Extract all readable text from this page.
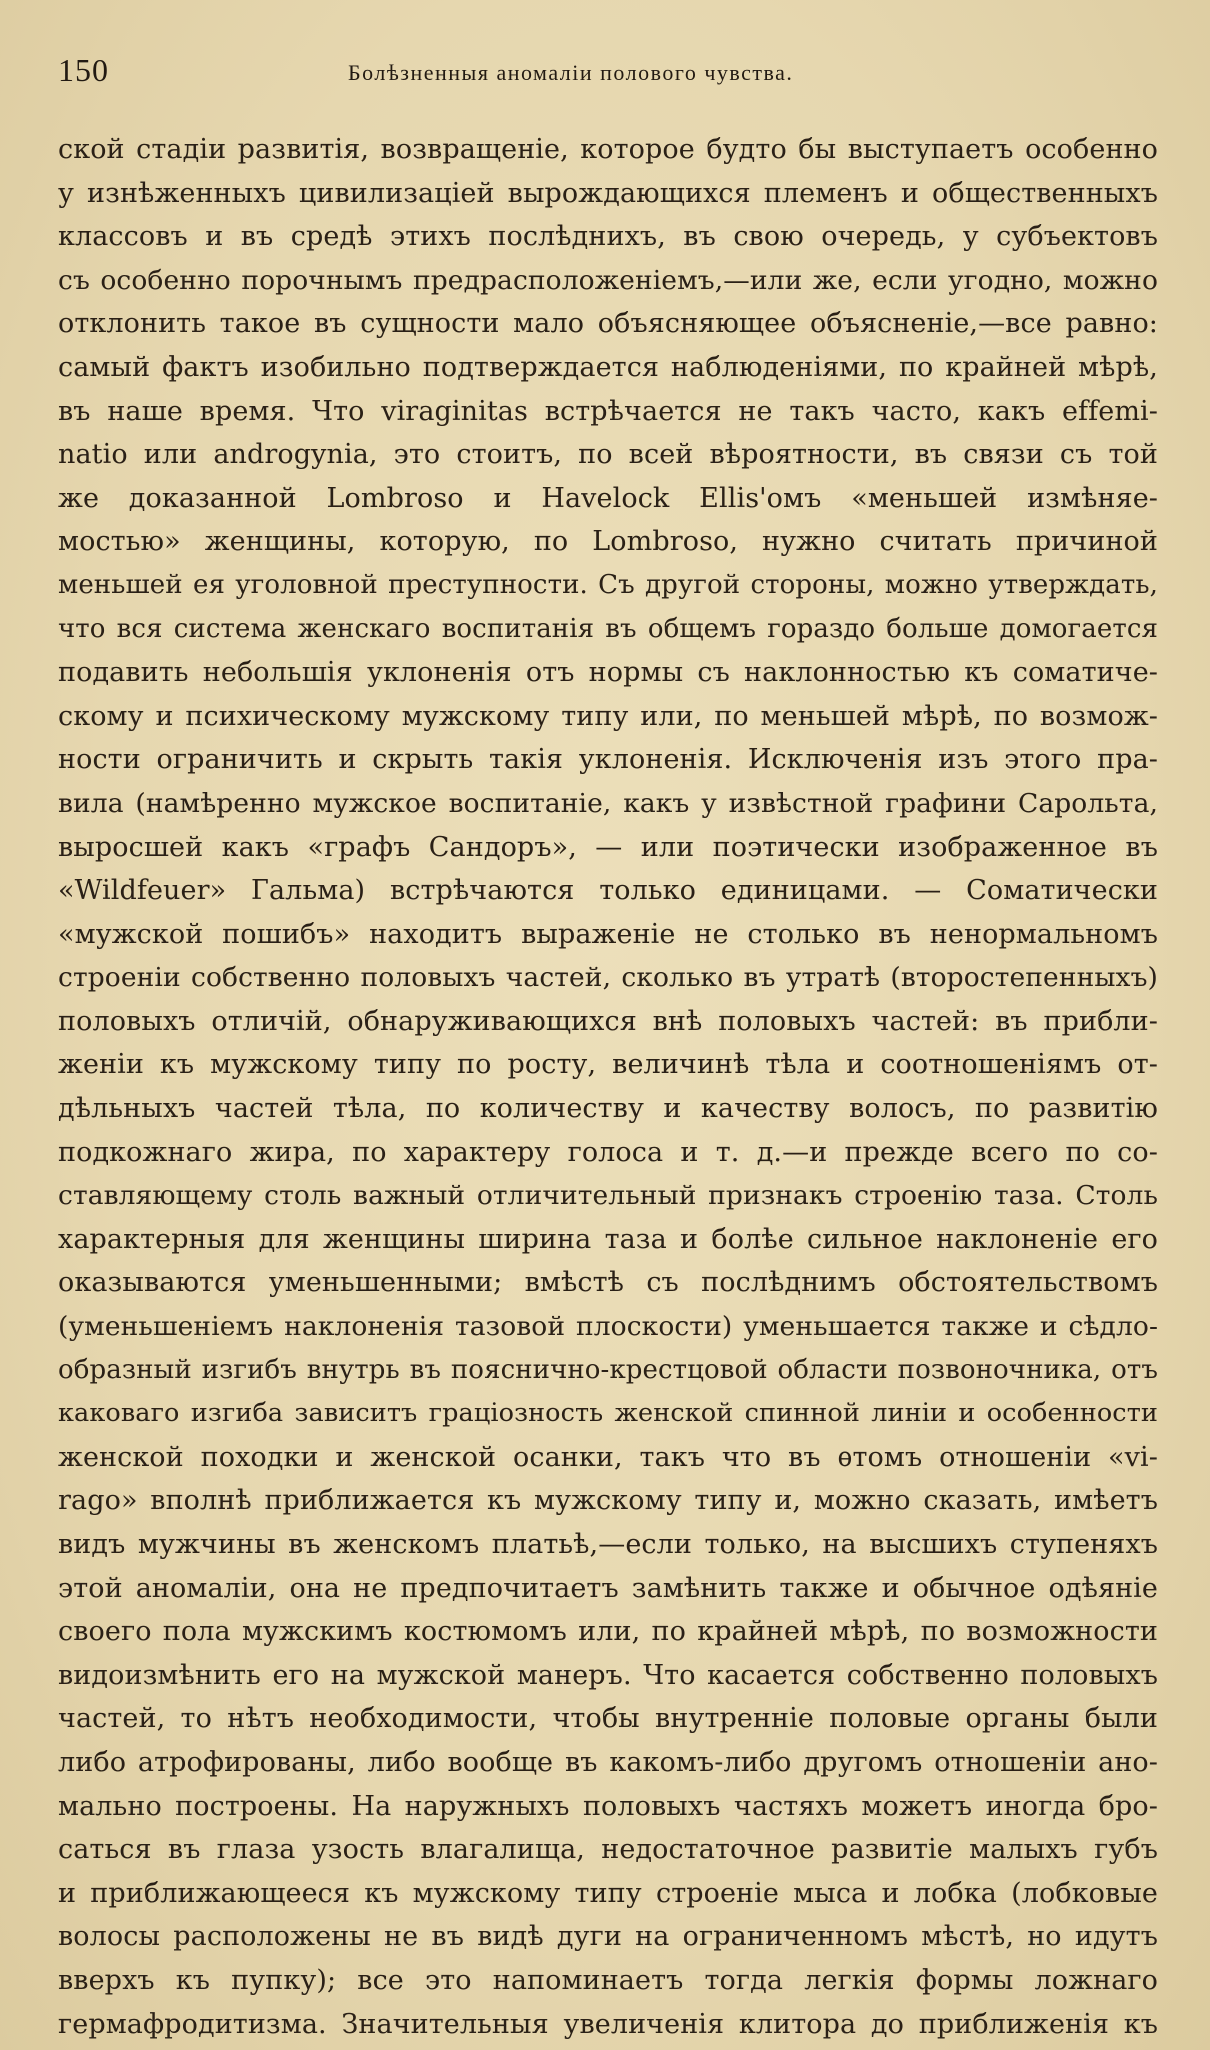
150	Болѣзненныя аномаліи полового чувства.
ской стадіи развитія, возвращеніе, которое будто бы выступаетъ особенно
у изнѣженныхъ цивилизаціей вырождающихся племенъ и общественныхъ
классовъ и въ средѣ этихъ послѣднихъ, въ свою очередь, у субъектовъ
съ особенно порочнымъ предрасположеніемъ,—или же, если угодно, можно
отклонить такое въ сущности мало объясняющее объясненіе,—все равно:
самый фактъ изобильно подтверждается наблюденіями, по крайней мѣрѣ,
въ наше время. Что viraginitas встрѣчается не такъ часто, какъ effemi-
natio или androgynia, это стоитъ, по всей вѣроятности, въ связи съ той
же доказанной Lombroso и Havelock Ellis'омъ «меньшей измѣняе-
мостью» женщины, которую, по Lombroso, нужно считать причиной
меньшей ея уголовной преступности. Съ другой стороны, можно утверждать,
что вся система женскаго воспитанія въ общемъ гораздо больше домогается
подавить небольшія уклоненія отъ нормы съ наклонностью къ соматиче-
скому и психическому мужскому типу или, по меньшей мѣрѣ, по возмож-
ности ограничить и скрыть такія уклоненія. Исключенія изъ этого пра-
вила (намѣренно мужское воспитаніе, какъ у извѣстной графини Сарольта,
выросшей какъ «графъ Сандоръ», — или поэтически изображенное въ
«Wildfeuer» Гальма) встрѣчаются только единицами. — Соматически
«мужской пошибъ» находитъ выраженіе не столько въ ненормальномъ
строеніи собственно половыхъ частей, сколько въ утратѣ (второстепенныхъ)
половыхъ отличій, обнаруживающихся внѣ половыхъ частей: въ прибли-
женіи къ мужскому типу по росту, величинѣ тѣла и соотношеніямъ от-
дѣльныхъ частей тѣла, по количеству и качеству волосъ, по развитію
подкожнаго жира, по характеру голоса и т. д.—и прежде всего по со-
ставляющему столь важный отличительный признакъ строенію таза. Столь
характерныя для женщины ширина таза и болѣе сильное наклоненіе его
оказываются уменьшенными; вмѣстѣ съ послѣднимъ обстоятельствомъ
(уменьшеніемъ наклоненія тазовой плоскости) уменьшается также и сѣдло-
образный изгибъ внутрь въ пояснично-крестцовой области позвоночника, отъ
каковаго изгиба зависитъ граціозность женской спинной линіи и особенности
женской походки и женской осанки, такъ что въ ѳтомъ отношеніи «vi-
rago» вполнѣ приближается къ мужскому типу и, можно сказать, имѣетъ
видъ мужчины въ женскомъ платьѣ,—если только, на высшихъ ступеняхъ
этой аномаліи, она не предпочитаетъ замѣнить также и обычное одѣяніе
своего пола мужскимъ костюмомъ или, по крайней мѣрѣ, по возможности
видоизмѣнить его на мужской манеръ. Что касается собственно половыхъ
частей, то нѣтъ необходимости, чтобы внутренніе половые органы были
либо атрофированы, либо вообще въ какомъ-либо другомъ отношеніи ано-
мально построены. На наружныхъ половыхъ частяхъ можетъ иногда бро-
саться въ глаза узость влагалища, недостаточное развитіе малыхъ губъ
и приближающееся къ мужскому типу строеніе мыса и лобка (лобковые
волосы расположены не въ видѣ дуги на ограниченномъ мѣстѣ, но идутъ
вверхъ къ пупку); все это напоминаетъ тогда легкія формы ложнаго
гермафродитизма. Значительныя увеличенія клитора до приближенія къ
